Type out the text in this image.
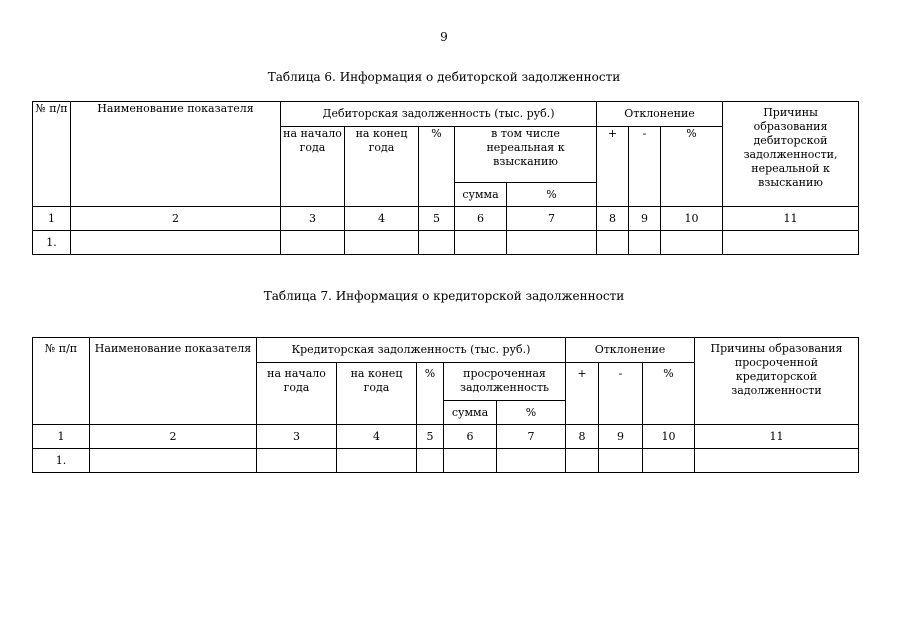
9
Таблица 6. Информация о дебиторской задолженности
№ п/п	Наименование показателя	Дебиторская задолженность (тыс. руб.)					Отклонение			Причины образования дебиторской задолженности, нереальной к взысканию
		на начало года	на конец года	%	в том числе нереальная к взысканию		+	-	%	
					сумма	%				
1	2	3	4	5	6	7	8	9	10	11
1.										
Таблица 7. Информация о кредиторской задолженности
№ п/п	Наименование показателя	Кредиторская задолженность (тыс. руб.)					Отклонение			Причины образования просроченной кредиторской задолженности
		на начало года	на конец года	%	просроченная задолженность		+	-	%	
					сумма	%				
1	2	3	4	5	6	7	8	9	10	11
1.										
